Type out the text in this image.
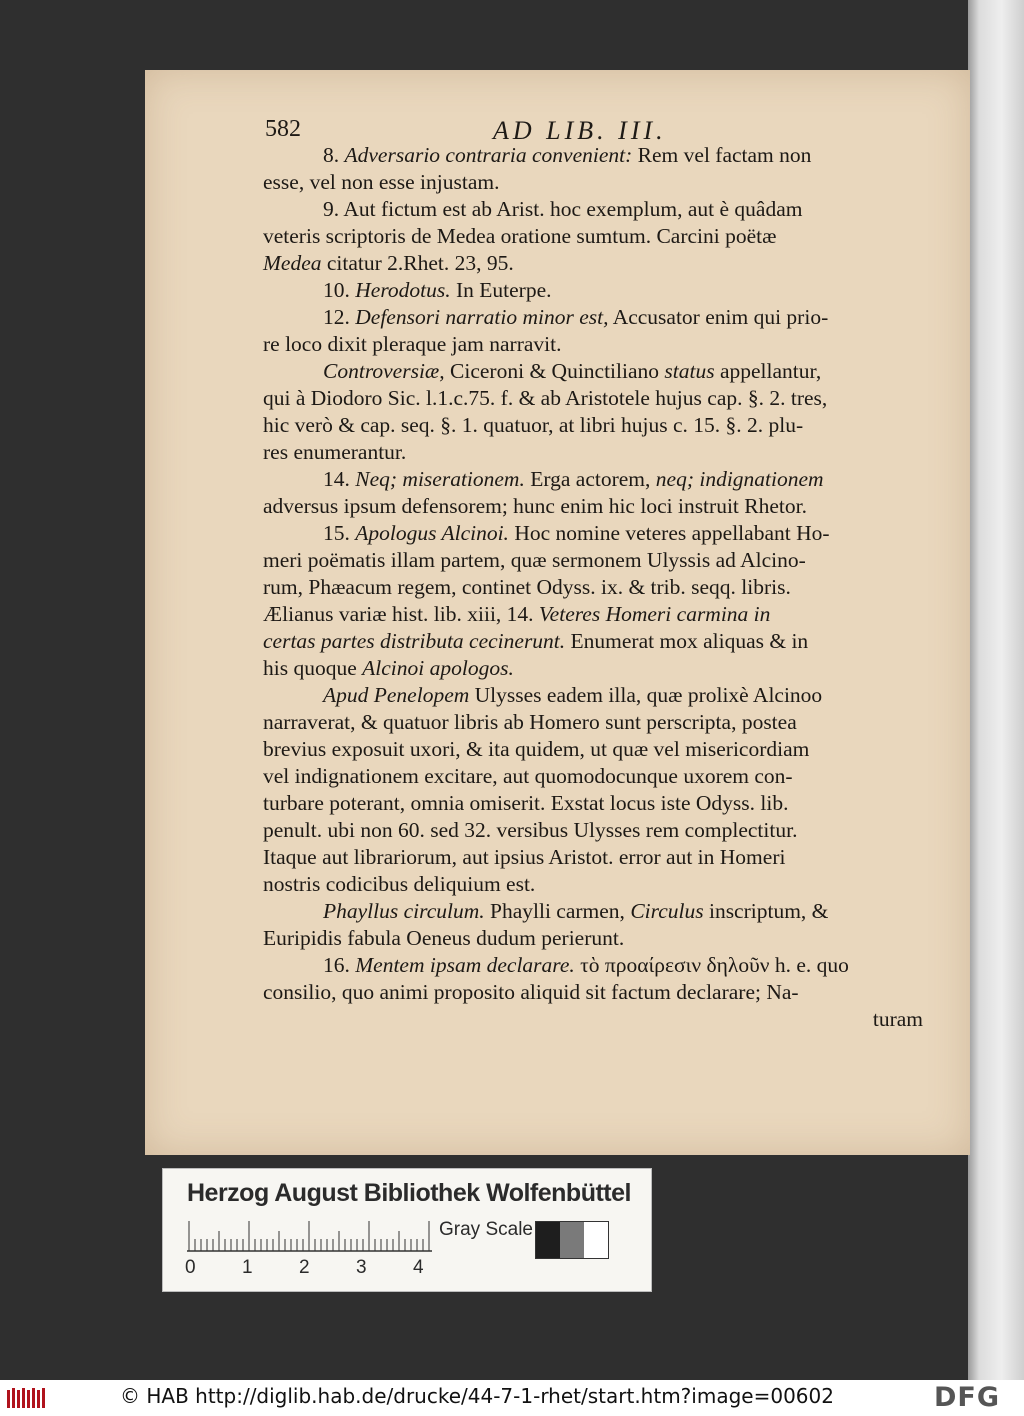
582	AD LIB. III.

8. Adversario contraria convenient: Rem vel factam non

esse, vel non esse injustam.

9. Aut fictum est ab Arist. hoc exemplum, aut è quâdam

veteris scriptoris de Medea oratione sumtum. Carcini poëtæ

Medea citatur 2.Rhet. 23, 95.

10. Herodotus. In Euterpe.

12. Defensori narratio minor est, Accusator enim qui prio-

re loco dixit pleraque jam narravit.

Controversiæ, Ciceroni & Quinctiliano status appellantur,

qui à Diodoro Sic. l.1.c.75. f. & ab Aristotele hujus cap. §. 2. tres,

hic verò & cap. seq. §. 1. quatuor, at libri hujus c. 15. §. 2. plu-

res enumerantur.

14. Neq; miserationem. Erga actorem, neq; indignationem

adversus ipsum defensorem; hunc enim hic loci instruit Rhetor.

15. Apologus Alcinoi. Hoc nomine veteres appellabant Ho-

meri poëmatis illam partem, quæ sermonem Ulyssis ad Alcino-

rum, Phæacum regem, continet Odyss. ix. & trib. seqq. libris.

Ælianus variæ hist. lib. xiii, 14. Veteres Homeri carmina in

certas partes distributa cecinerunt. Enumerat mox aliquas & in

his quoque Alcinoi apologos.

Apud Penelopem Ulysses eadem illa, quæ prolixè Alcinoo

narraverat, & quatuor libris ab Homero sunt perscripta, postea

brevius exposuit uxori, & ita quidem, ut quæ vel misericordiam

vel indignationem excitare, aut quomodocunque uxorem con-

turbare poterant, omnia omiserit. Exstat locus iste Odyss. lib.

penult. ubi non 60. sed 32. versibus Ulysses rem complectitur.

Itaque aut librariorum, aut ipsius Aristot. error aut in Homeri

nostris codicibus deliquium est.

Phayllus circulum. Phaylli carmen, Circulus inscriptum, &

Euripidis fabula Oeneus dudum perierunt.

16. Mentem ipsam declarare. τὸ προαίρεσιν δηλοῦν h. e. quo

consilio, quo animi proposito aliquid sit factum declarare; Na-

turam

Herzog August Bibliothek Wolfenbüttel
Gray Scale
0 1 2 3 4
© HAB http://diglib.hab.de/drucke/44-7-1-rhet/start.htm?image=00602	DFG
